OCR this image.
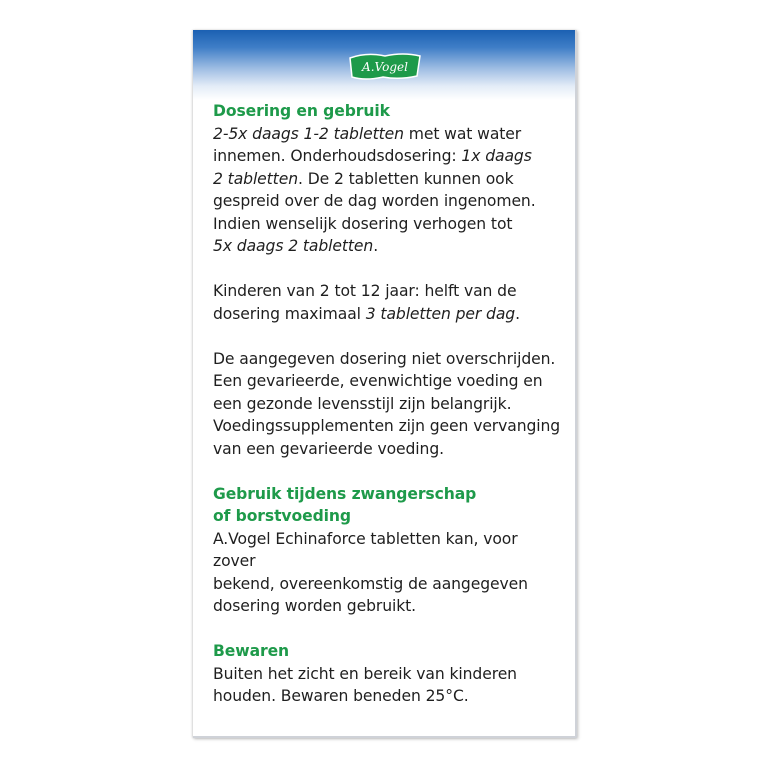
A.Vogel
Dosering en gebruik

2-5x daags 1-2 tabletten met wat water

innemen. Onderhoudsdosering: 1x daags

2 tabletten. De 2 tabletten kunnen ook

gespreid over de dag worden ingenomen.

Indien wenselijk dosering verhogen tot

5x daags 2 tabletten.

Kinderen van 2 tot 12 jaar: helft van de

dosering maximaal 3 tabletten per dag.

De aangegeven dosering niet overschrijden.

Een gevarieerde, evenwichtige voeding en

een gezonde levensstijl zijn belangrijk.

Voedingssupplementen zijn geen vervanging

van een gevarieerde voeding.

Gebruik tijdens zwangerschap
of borstvoeding

A.Vogel Echinaforce tabletten kan, voor zover

bekend, overeenkomstig de aangegeven

dosering worden gebruikt.

Bewaren

Buiten het zicht en bereik van kinderen

houden. Bewaren beneden 25°C.
